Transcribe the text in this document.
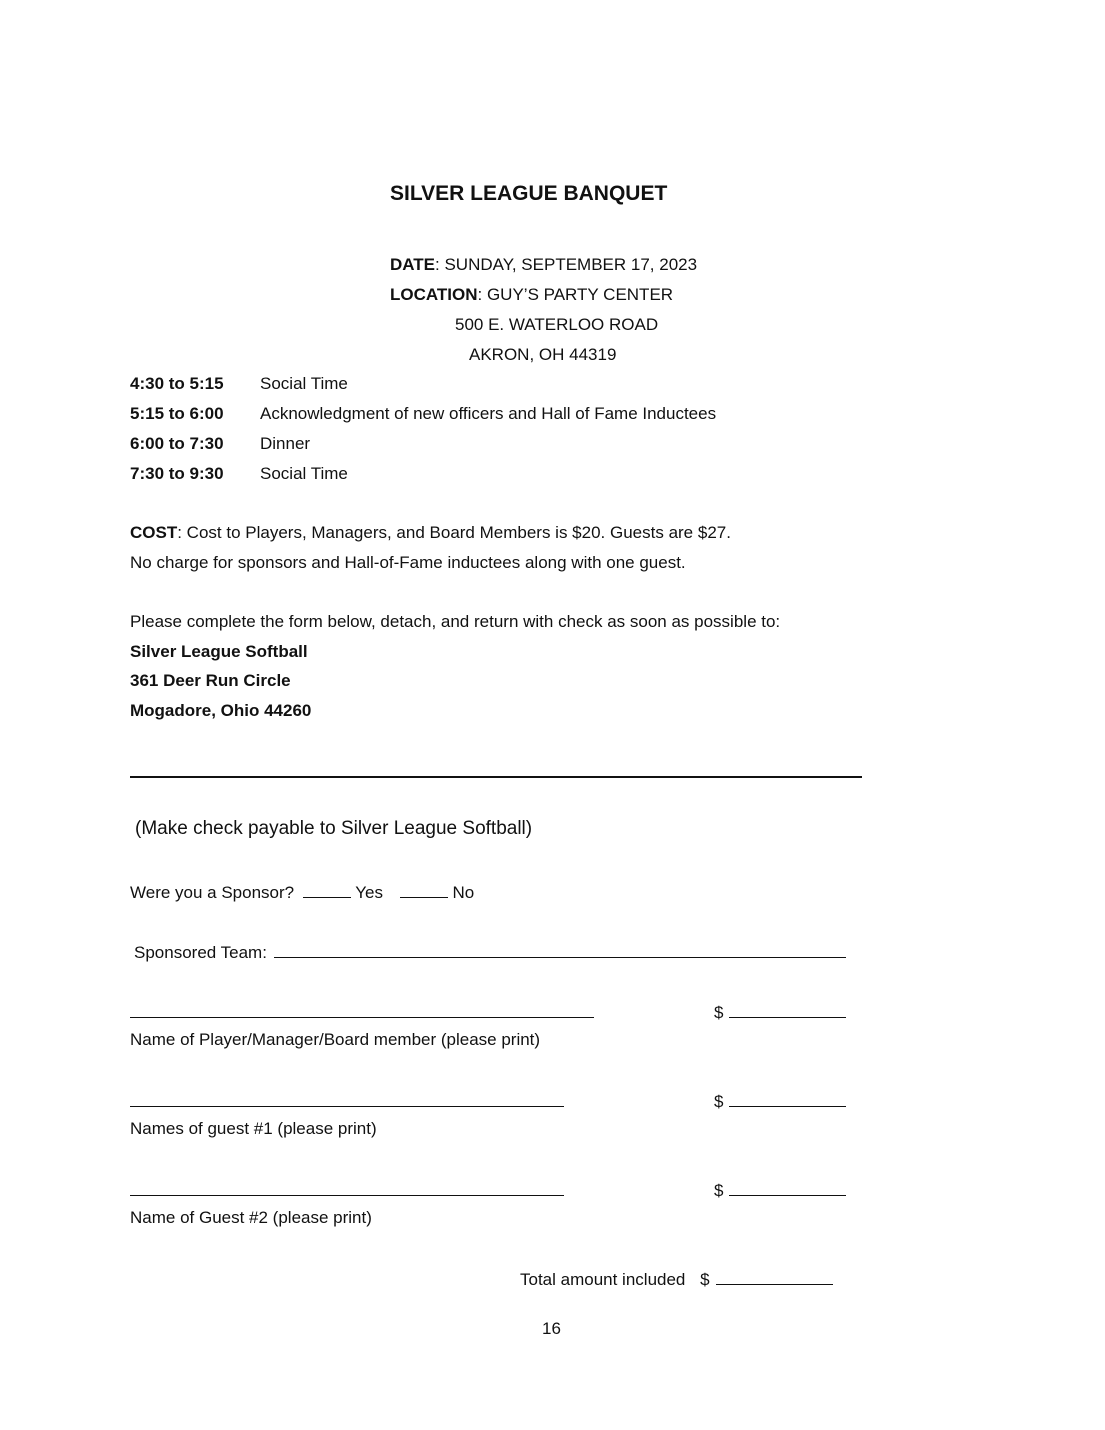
SILVER LEAGUE BANQUET
DATE: SUNDAY, SEPTEMBER 17, 2023
LOCATION: GUY’S PARTY CENTER
500 E. WATERLOO ROAD
AKRON, OH 44319
4:30 to 5:15 Social Time
5:15 to 6:00 Acknowledgment of new officers and Hall of Fame Inductees
6:00 to 7:30 Dinner
7:30 to 9:30 Social Time
COST: Cost to Players, Managers, and Board Members is $20. Guests are $27.
No charge for sponsors and Hall-of-Fame inductees along with one guest.
Please complete the form below, detach, and return with check as soon as possible to:
Silver League Softball
361 Deer Run Circle
Mogadore, Ohio 44260
(Make check payable to Silver League Softball)
Were you a Sponsor?	Yes	No
Sponsored Team:
$
Name of Player/Manager/Board member (please print)
$
Names of guest #1 (please print)
$
Name of Guest #2 (please print)
Total amount included $
16
